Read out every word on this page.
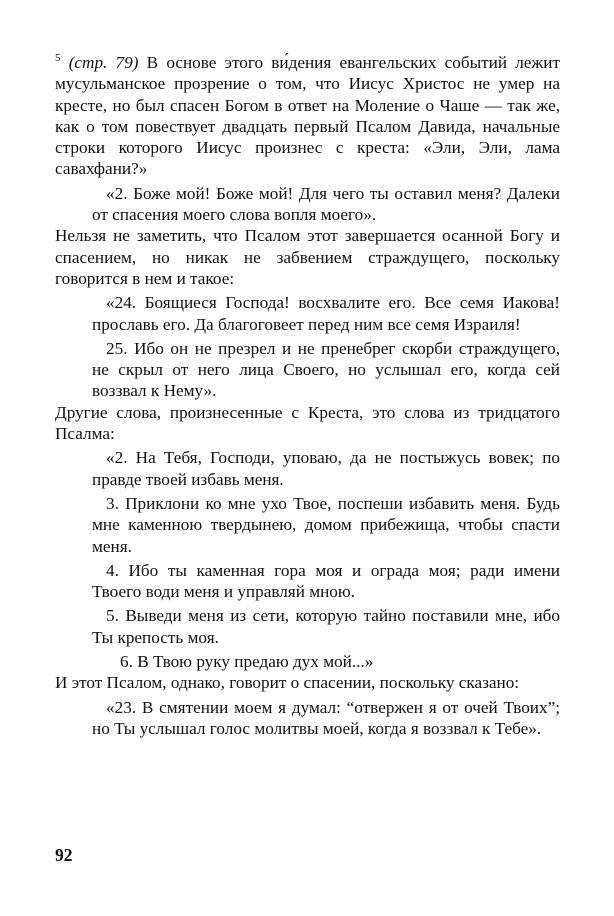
$^5$ (стр. 79) В основе этого ви́дения евангельских событий лежит мусульманское прозрение о том, что Иисус Христос не умер на кресте, но был спасен Богом в ответ на Моление о Чаше — так же, как о том повествует двадцать первый Псалом Давида, начальные строки которого Иисус произнес с креста: «Эли, Эли, лама савахфани?»

«2. Боже мой! Боже мой! Для чего ты оставил меня? Далеки от спасения моего слова вопля моего».

Нельзя не заметить, что Псалом этот завершается осанной Богу и спасением, но никак не забвением страждущего, поскольку говорится в нем и такое:

«24. Боящиеся Господа! восхвалите его. Все семя Иакова! прославь его. Да благоговеет перед ним все семя Израиля!

25. Ибо он не презрел и не пренебрег скорби страждущего, не скрыл от него лица Своего, но услышал его, когда сей воззвал к Нему».

Другие слова, произнесенные с Креста, это слова из тридцатого Псалма:

«2. На Тебя, Господи, уповаю, да не постыжусь вовек; по правде твоей избавь меня.

3. Приклони ко мне ухо Твое, поспеши избавить меня. Будь мне каменною твердынею, домом прибежища, чтобы спасти меня.

4. Ибо ты каменная гора моя и ограда моя; ради имени Твоего води меня и управляй мною.

5. Выведи меня из сети, которую тайно поставили мне, ибо Ты крепость моя.

6. В Твою руку предаю дух мой...»

И этот Псалом, однако, говорит о спасении, поскольку сказано:

«23. В смятении моем я думал: “отвержен я от очей Твоих”; но Ты услышал голос молитвы моей, когда я воззвал к Тебе».

92
